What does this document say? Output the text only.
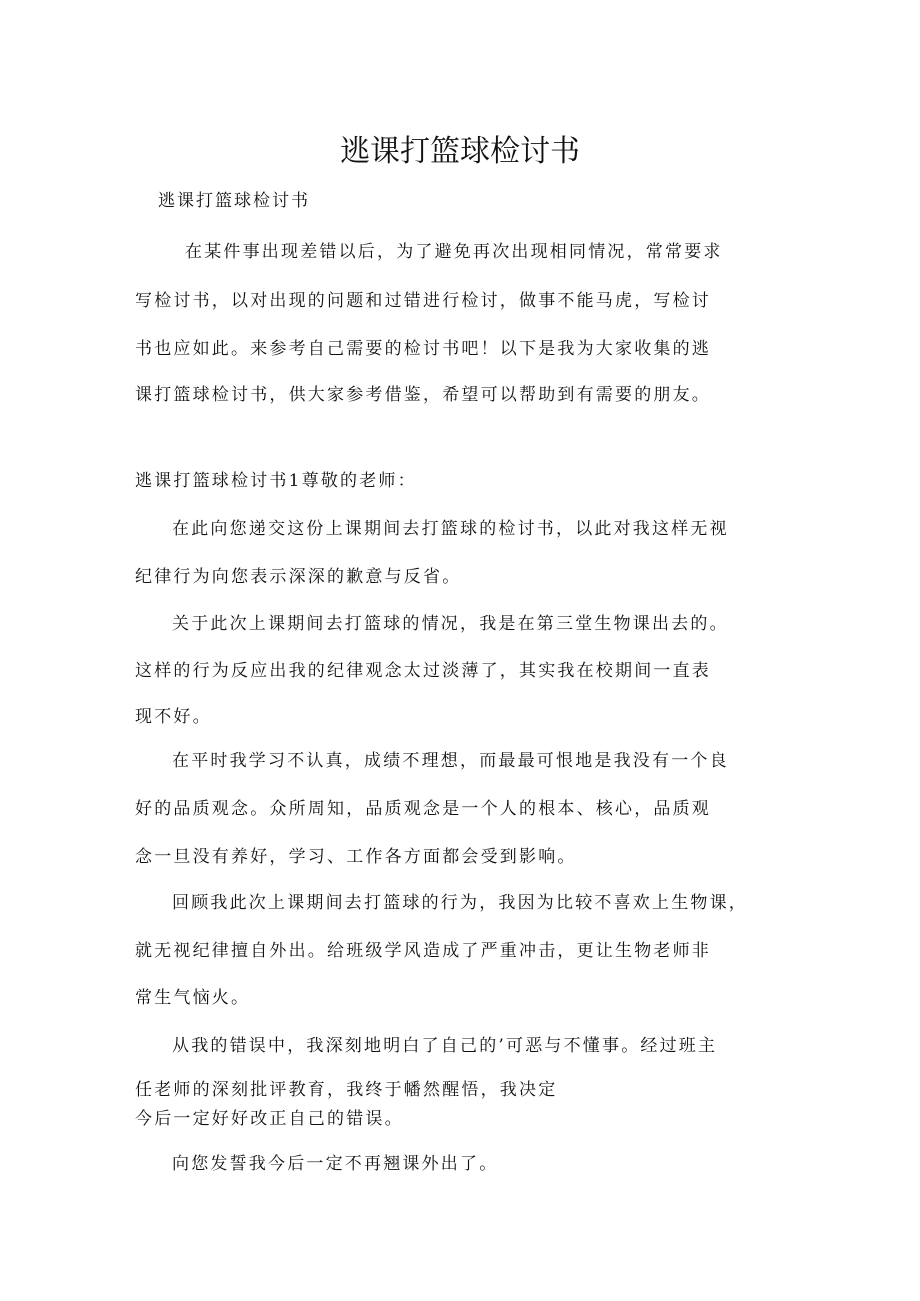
逃课打篮球检讨书

逃课打篮球检讨书

在某件事出现差错以后，为了避免再次出现相同情况，常常要求

写检讨书，以对出现的问题和过错进行检讨，做事不能马虎，写检讨

书也应如此。来参考自己需要的检讨书吧！以下是我为大家收集的逃

课打篮球检讨书，供大家参考借鉴，希望可以帮助到有需要的朋友。

逃课打篮球检讨书1尊敬的老师：

在此向您递交这份上课期间去打篮球的检讨书，以此对我这样无视

纪律行为向您表示深深的歉意与反省。

关于此次上课期间去打篮球的情况，我是在第三堂生物课出去的。

这样的行为反应出我的纪律观念太过淡薄了，其实我在校期间一直表

现不好。

在平时我学习不认真，成绩不理想，而最最可恨地是我没有一个良

好的品质观念。众所周知，品质观念是一个人的根本、核心，品质观

念一旦没有养好，学习、工作各方面都会受到影响。

回顾我此次上课期间去打篮球的行为，我因为比较不喜欢上生物课，

就无视纪律擅自外出。给班级学风造成了严重冲击，更让生物老师非

常生气恼火。

从我的错误中，我深刻地明白了自己的’可恶与不懂事。经过班主

任老师的深刻批评教育，我终于幡然醒悟，我决定

今后一定好好改正自己的错误。

向您发誓我今后一定不再翘课外出了。
